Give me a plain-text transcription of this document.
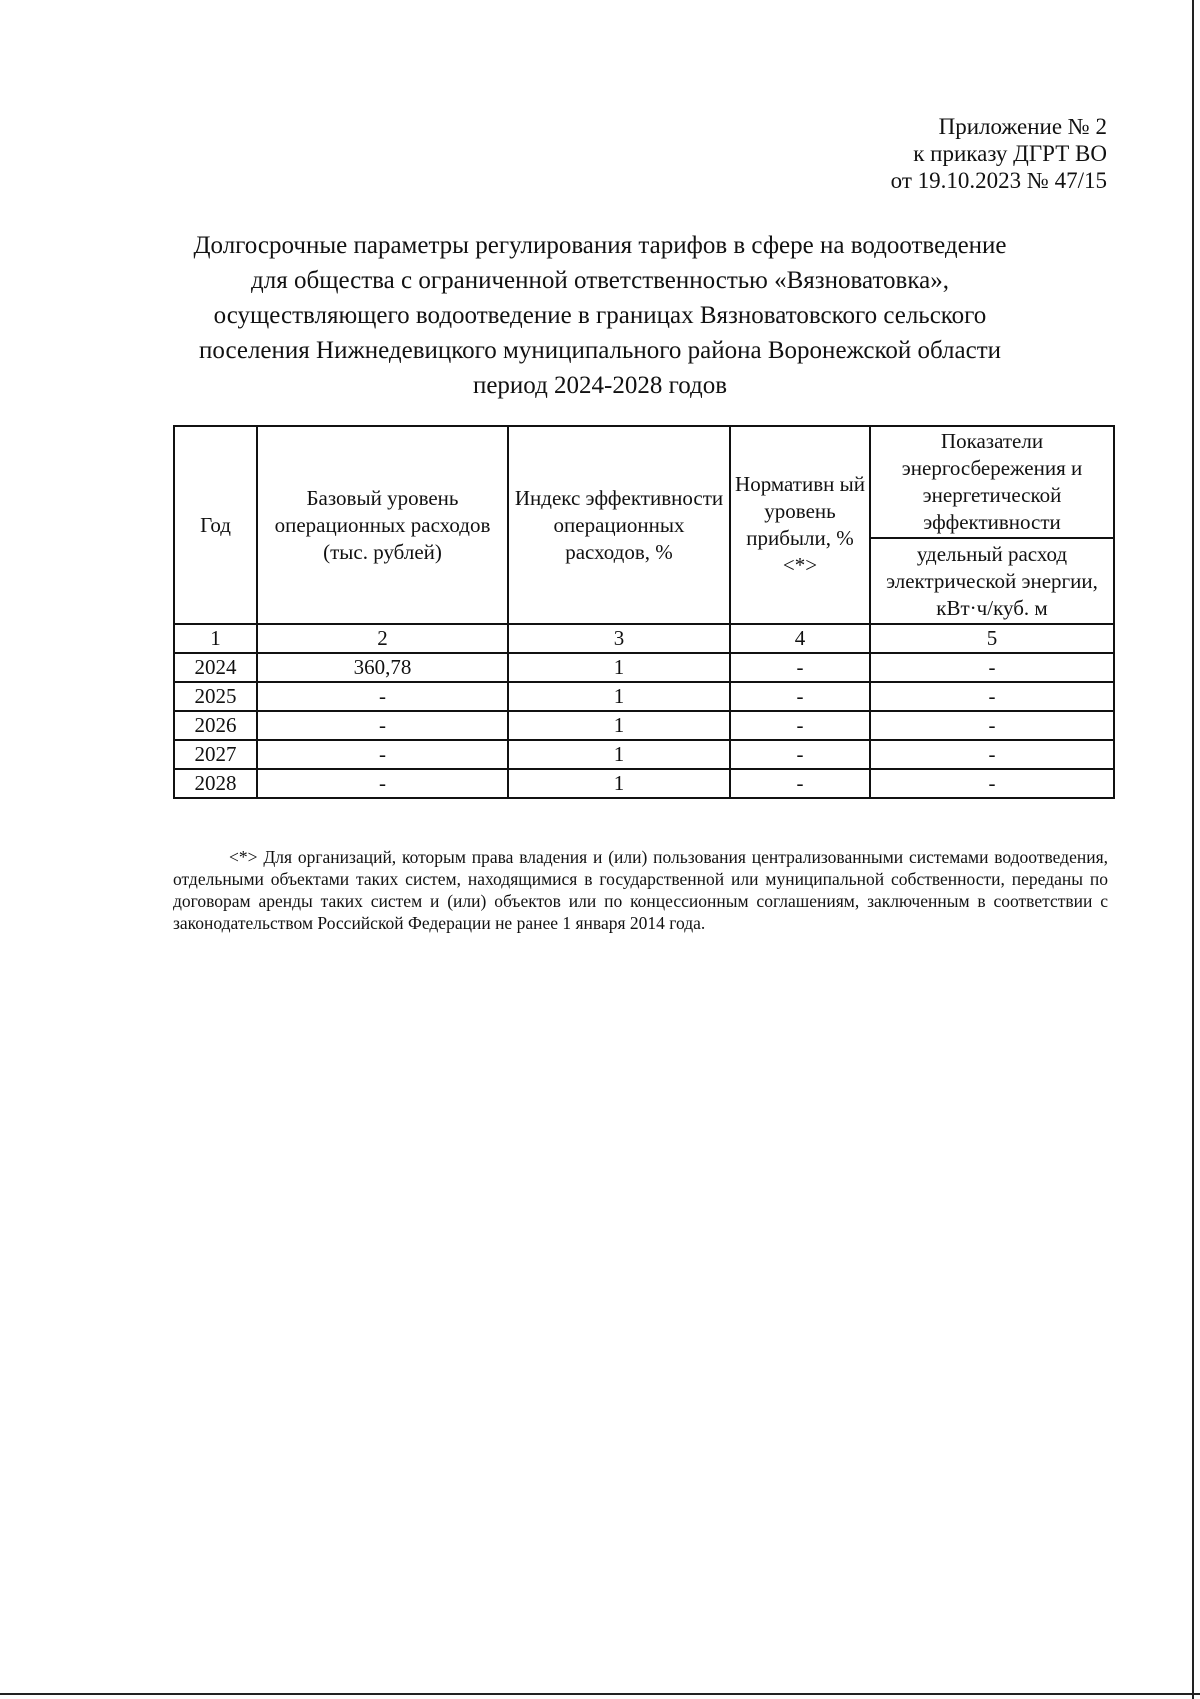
Приложение № 2
к приказу ДГРТ ВО
от 19.10.2023 № 47/15
Долгосрочные параметры регулирования тарифов в сфере на водоотведение
для общества с ограниченной ответственностью «Вязноватовка»,
осуществляющего водоотведение в границах Вязноватовского сельского
поселения Нижнедевицкого муниципального района Воронежской области
период 2024-2028 годов
Год	Базовый уровень операционных расходов (тыс. рублей)	Индекс эффективности операционных расходов, %	Нормативн ый уровень прибыли, % <*>	Показатели энергосбережения и энергетической эффективности

				удельный расход электрической энергии, кВт·ч/куб. м

1	2	3	4	5
2024	360,78	1	-	-
2025	-	1	-	-
2026	-	1	-	-
2027	-	1	-	-
2028	-	1	-	-

<*> Для организаций, которым права владения и (или) пользования централизованными системами водоотведения, отдельными объектами таких систем, находящимися в государственной или муниципальной собственности, переданы по договорам аренды таких систем и (или) объектов или по концессионным соглашениям, заключенным в соответствии с законодательством Российской Федерации не ранее 1 января 2014 года.
